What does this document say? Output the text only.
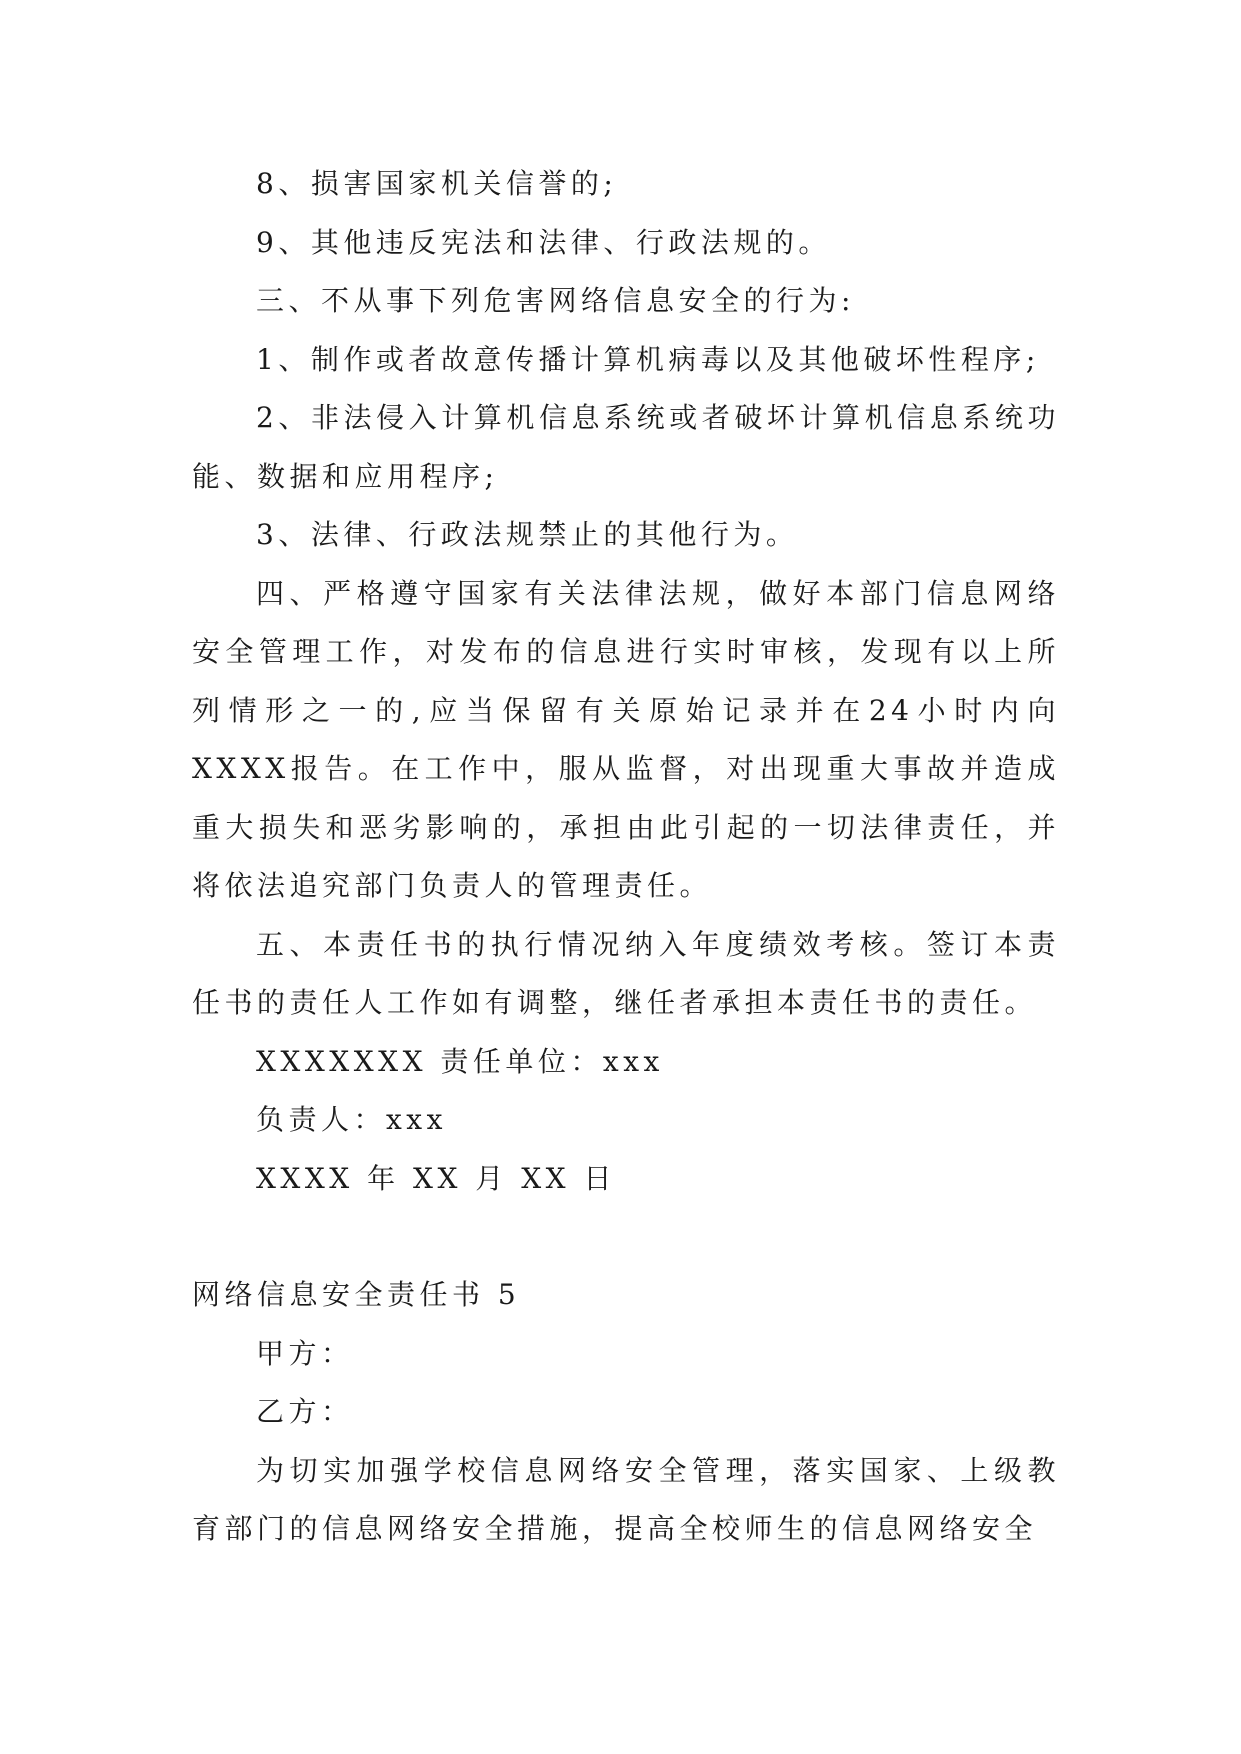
8、损害国家机关信誉的;

9、其他违反宪法和法律、行政法规的。

三、不从事下列危害网络信息安全的行为:

1、制作或者故意传播计算机病毒以及其他破坏性程序;

2、非法侵入计算机信息系统或者破坏计算机信息系统功能、数据和应用程序;

3、法律、行政法规禁止的其他行为。

四、严格遵守国家有关法律法规，做好本部门信息网络安全管理工作，对发布的信息进行实时审核，发现有以上所列情形之一的,应当保留有关原始记录并在24小时内向XXXX报告。在工作中，服从监督，对出现重大事故并造成重大损失和恶劣影响的，承担由此引起的一切法律责任，并将依法追究部门负责人的管理责任。

五、本责任书的执行情况纳入年度绩效考核。签订本责任书的责任人工作如有调整，继任者承担本责任书的责任。

XXXXXXX 责任单位：xxx

负责人：xxx

XXXX 年 XX 月 XX 日

网络信息安全责任书 5

甲方：

乙方：

为切实加强学校信息网络安全管理，落实国家、上级教育部门的信息网络安全措施，提高全校师生的信息网络安全
